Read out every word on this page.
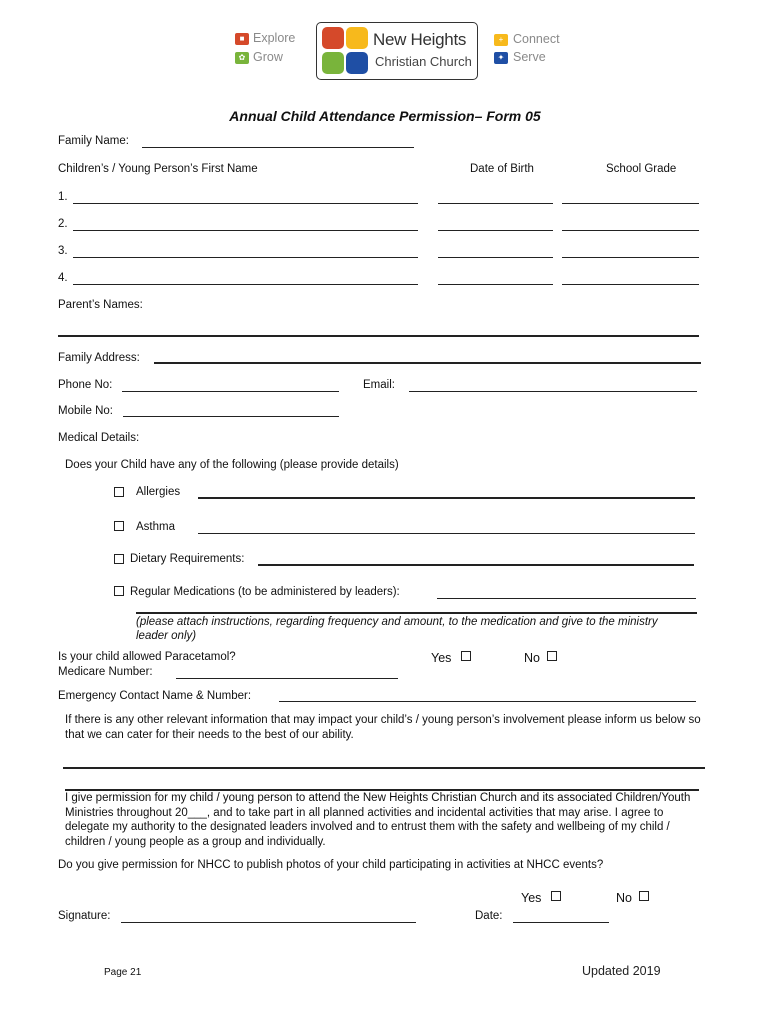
■ Explore
✿ Grow
New Heights
Christian Church
+ Connect
✦ Serve
Annual Child Attendance Permission– Form 05
Family Name:
Children’s / Young Person’s First Name	Date of Birth	School Grade
1.
2.
3.
4.
Parent’s Names:
Family Address:
Phone No:	Email:
Mobile No:
Medical Details:
Does your Child have any of the following (please provide details)
Allergies
Asthma
Dietary Requirements:
Regular Medications (to be administered by leaders):
(please attach instructions, regarding frequency and amount, to the medication and give to the ministry
leader only)
Is your child allowed Paracetamol?	Yes	No
Medicare Number:
Emergency Contact Name & Number:
If there is any other relevant information that may impact your child’s / young person’s involvement please inform us below so that we can cater for their needs to the best of our ability.
I give permission for my child / young person to attend the New Heights Christian Church and its associated Children/Youth Ministries throughout 20___, and to take part in all planned activities and incidental activities that may arise. I agree to delegate my authority to the designated leaders involved and to entrust them with the safety and wellbeing of my child / children / young people as a group and individually.
Do you give permission for NHCC to publish photos of your child participating in activities at NHCC events?
Yes	No
Signature:	Date:
Page 21	Updated 2019
